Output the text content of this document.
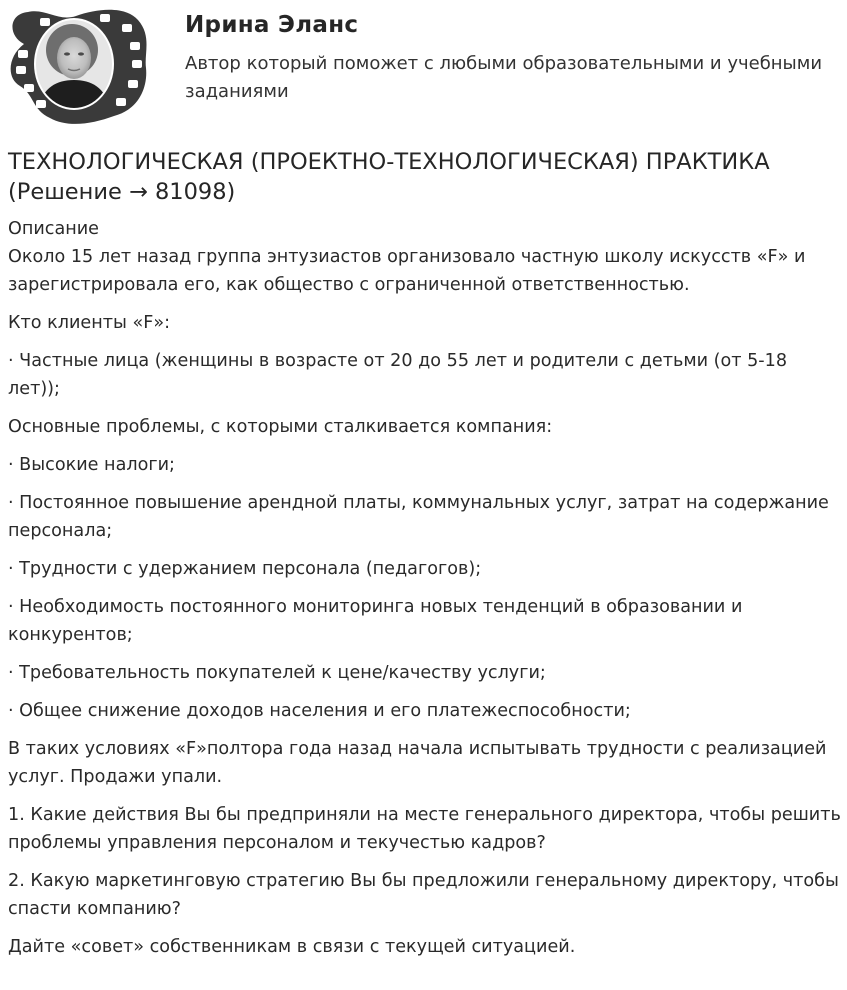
Ирина Эланс
Автор который поможет с любыми образовательными и учебными заданиями
ТЕХНОЛОГИЧЕСКАЯ (ПРОЕКТНО-ТЕХНОЛОГИЧЕСКАЯ) ПРАКТИКА
(Решение → 81098)

Описание

Около 15 лет назад группа энтузиастов организовало частную школу искусств «F» и зарегистрировала его, как общество с ограниченной ответственностью.

Кто клиенты «F»:

· Частные лица (женщины в возрасте от 20 до 55 лет и родители с детьми (от 5-18 лет));

Основные проблемы, с которыми сталкивается компания:

· Высокие налоги;

· Постоянное повышение арендной платы, коммунальных услуг, затрат на содержание персонала;

· Трудности с удержанием персонала (педагогов);

· Необходимость постоянного мониторинга новых тенденций в образовании и конкурентов;

· Требовательность покупателей к цене/качеству услуги;

· Общее снижение доходов населения и его платежеспособности;

В таких условиях «F»полтора года назад начала испытывать трудности с реализацией услуг. Продажи упали.

1. Какие действия Вы бы предприняли на месте генерального директора, чтобы решить проблемы управления персоналом и текучестью кадров?

2. Какую маркетинговую стратегию Вы бы предложили генеральному директору, чтобы спасти компанию?

Дайте «совет» собственникам в связи с текущей ситуацией.
